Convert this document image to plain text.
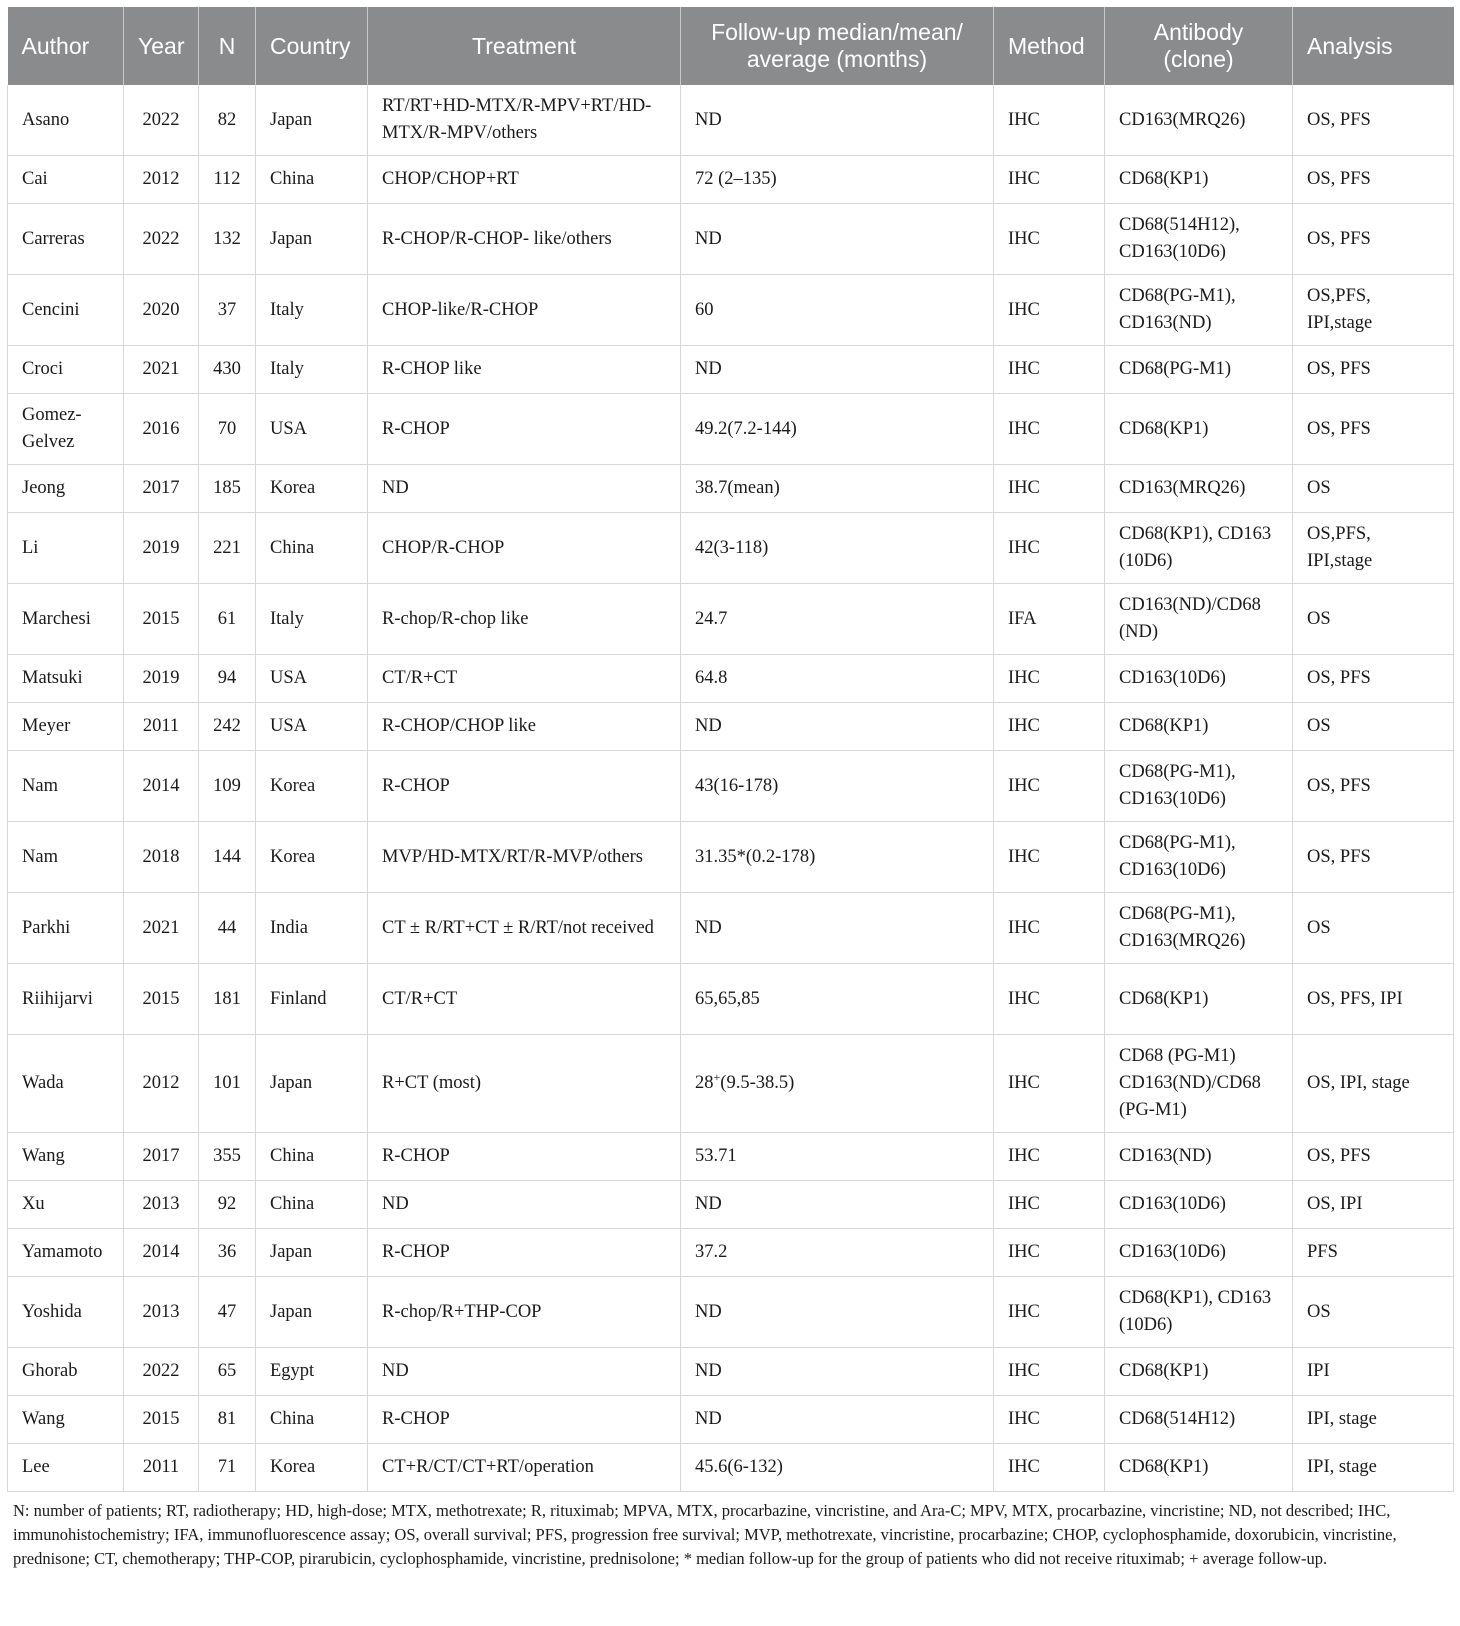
Author	Year	N	Country	Treatment	Follow-up median/mean/ average (months)	Method	Antibody (clone)	Analysis
Asano	2022	82	Japan	RT/RT+HD-MTX/R-MPV+RT/HD-MTX/R-MPV/others	ND	IHC	CD163(MRQ26)	OS, PFS
Cai	2012	112	China	CHOP/CHOP+RT	72 (2–135)	IHC	CD68(KP1)	OS, PFS
Carreras	2022	132	Japan	R-CHOP/R-CHOP- like/others	ND	IHC	CD68(514H12), CD163(10D6)	OS, PFS
Cencini	2020	37	Italy	CHOP-like/R-CHOP	60	IHC	CD68(PG-M1), CD163(ND)	OS,PFS, IPI,stage
Croci	2021	430	Italy	R-CHOP like	ND	IHC	CD68(PG-M1)	OS, PFS
Gomez-Gelvez	2016	70	USA	R-CHOP	49.2(7.2-144)	IHC	CD68(KP1)	OS, PFS
Jeong	2017	185	Korea	ND	38.7(mean)	IHC	CD163(MRQ26)	OS
Li	2019	221	China	CHOP/R-CHOP	42(3-118)	IHC	CD68(KP1), CD163 (10D6)	OS,PFS, IPI,stage
Marchesi	2015	61	Italy	R-chop/R-chop like	24.7	IFA	CD163(ND)/CD68 (ND)	OS
Matsuki	2019	94	USA	CT/R+CT	64.8	IHC	CD163(10D6)	OS, PFS
Meyer	2011	242	USA	R-CHOP/CHOP like	ND	IHC	CD68(KP1)	OS
Nam	2014	109	Korea	R-CHOP	43(16-178)	IHC	CD68(PG-M1), CD163(10D6)	OS, PFS
Nam	2018	144	Korea	MVP/HD-MTX/RT/R-MVP/others	31.35*(0.2-178)	IHC	CD68(PG-M1), CD163(10D6)	OS, PFS
Parkhi	2021	44	India	CT ± R/RT+CT ± R/RT/not received	ND	IHC	CD68(PG-M1), CD163(MRQ26)	OS
Riihijarvi	2015	181	Finland	CT/R+CT	65,65,85	IHC	CD68(KP1)	OS, PFS, IPI
Wada	2012	101	Japan	R+CT (most)	28+(9.5-38.5)	IHC	CD68 (PG-M1) CD163(ND)/CD68 (PG-M1)	OS, IPI, stage
Wang	2017	355	China	R-CHOP	53.71	IHC	CD163(ND)	OS, PFS
Xu	2013	92	China	ND	ND	IHC	CD163(10D6)	OS, IPI
Yamamoto	2014	36	Japan	R-CHOP	37.2	IHC	CD163(10D6)	PFS
Yoshida	2013	47	Japan	R-chop/R+THP-COP	ND	IHC	CD68(KP1), CD163 (10D6)	OS
Ghorab	2022	65	Egypt	ND	ND	IHC	CD68(KP1)	IPI
Wang	2015	81	China	R-CHOP	ND	IHC	CD68(514H12)	IPI, stage
Lee	2011	71	Korea	CT+R/CT/CT+RT/operation	45.6(6-132)	IHC	CD68(KP1)	IPI, stage
N: number of patients; RT, radiotherapy; HD, high-dose; MTX, methotrexate; R, rituximab; MPVA, MTX, procarbazine, vincristine, and Ara-C; MPV, MTX, procarbazine, vincristine; ND, not described; IHC, immunohistochemistry; IFA, immunofluorescence assay; OS, overall survival; PFS, progression free survival; MVP, methotrexate, vincristine, procarbazine; CHOP, cyclophosphamide, doxorubicin, vincristine, prednisone; CT, chemotherapy; THP-COP, pirarubicin, cyclophosphamide, vincristine, prednisolone; * median follow-up for the group of patients who did not receive rituximab; + average follow-up.
